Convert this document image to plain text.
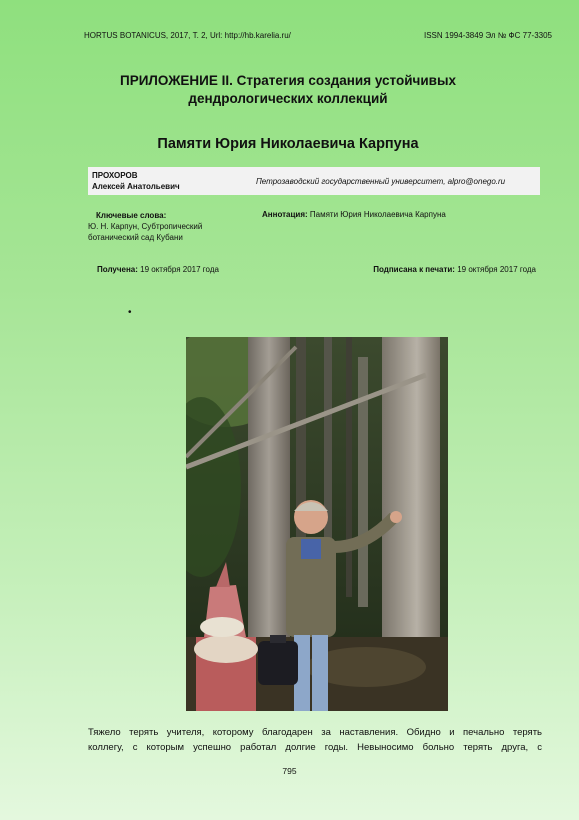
HORTUS BOTANICUS, 2017, Т. 2, Url: http://hb.karelia.ru/	ISSN 1994-3849 Эл № ФС 77-3305
ПРИЛОЖЕНИЕ II. Стратегия создания устойчивых
дендрологических коллекций
Памяти Юрия Николаевича Карпуна
ПРОХОРОВ
Алексей Анатольевич
Петрозаводский государственный университет, alpro@onego.ru
Ключевые слова:
Ю. Н. Карпун, Субтропический
ботанический сад Кубани
Аннотация: Памяти Юрия Николаевича Карпуна
Получена: 19 октября 2017 года	Подписана к печати: 19 октября 2017 года
•
Тяжело терять учителя, которому благодарен за наставления. Обидно и печально терять
коллегу, с которым успешно работал долгие годы. Невыносимо больно терять друга, с
795
